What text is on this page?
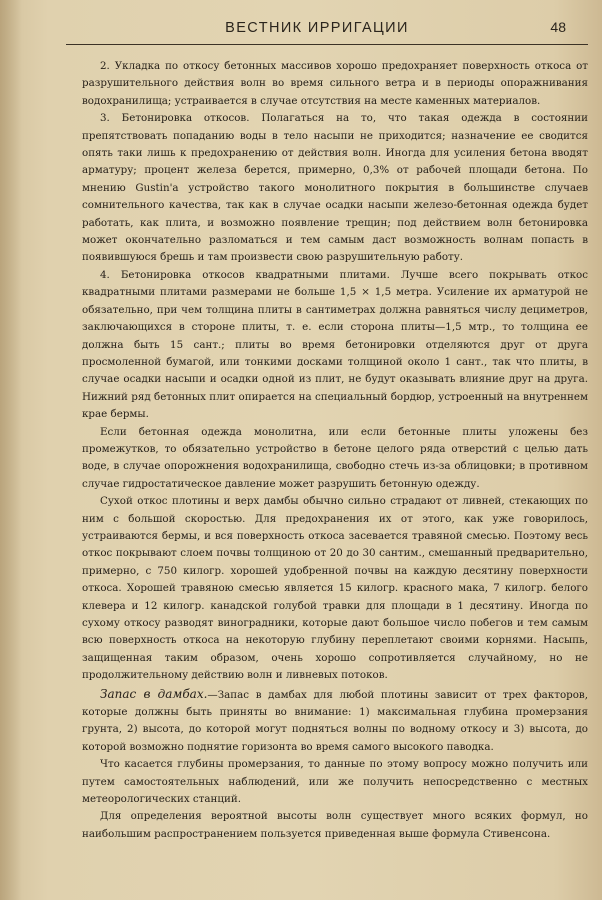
ВЕСТНИК ИРРИГАЦИИ	48

2. Укладка по откосу бетонных массивов хорошо предохраняет поверхность откоса от разрушительного действия волн во время сильного ветра и в периоды опоражнивания водохранилища; устраивается в случае отсутствия на месте каменных материалов.

3. Бетонировка откосов. Полагаться на то, что такая одежда в состоянии препятствовать попаданию воды в тело насыпи не приходится; назначение ее сводится опять таки лишь к предохранению от действия волн. Иногда для усиления бетона вводят арматуру; процент железа берется, примерно, 0,3% от рабочей площади бетона. По мнению Gustin'а устройство такого монолитного покрытия в большинстве случаев сомнительного качества, так как в случае осадки насыпи железо-бетонная одежда будет работать, как плита, и возможно появление трещин; под действием волн бетонировка может окончательно разломаться и тем самым даст возможность волнам попасть в появившуюся брешь и там произвести свою разрушительную работу.

4. Бетонировка откосов квадратными плитами. Лучше всего покрывать откос квадратными плитами размерами не больше 1,5 × 1,5 метра. Усиление их арматурой не обязательно, при чем толщина плиты в сантиметрах должна равняться числу дециметров, заключающихся в стороне плиты, т. е. если сторона плиты—1,5 мтр., то толщина ее должна быть 15 сант.; плиты во время бетонировки отделяются друг от друга просмоленной бумагой, или тонкими досками толщиной около 1 сант., так что плиты, в случае осадки насыпи и осадки одной из плит, не будут оказывать влияние друг на друга. Нижний ряд бетонных плит опирается на специальный бордюр, устроенный на внутреннем крае бермы.

Если бетонная одежда монолитна, или если бетонные плиты уложены без промежутков, то обязательно устройство в бетоне целого ряда отверстий с целью дать воде, в случае опорожнения водохранилища, свободно стечь из-за облицовки; в противном случае гидростатическое давление может разрушить бетонную одежду.

Сухой откос плотины и верх дамбы обычно сильно страдают от ливней, стекающих по ним с большой скоростью. Для предохранения их от этого, как уже говорилось, устраиваются бермы, и вся поверхность откоса засевается травяной смесью. Поэтому весь откос покрывают слоем почвы толщиною от 20 до 30 сантим., смешанный предварительно, примерно, с 750 килогр. хорошей удобренной почвы на каждую десятину поверхности откоса. Хорошей травяною смесью является 15 килогр. красного мака, 7 килогр. белого клевера и 12 килогр. канадской голубой травки для площади в 1 десятину. Иногда по сухому откосу разводят виноградники, которые дают большое число побегов и тем самым всю поверхность откоса на некоторую глубину переплетают своими корнями. Насыпь, защищенная таким образом, очень хорошо сопротивляется случайному, но не продолжительному действию волн и ливневых потоков.

Запас в дамбах.—Запас в дамбах для любой плотины зависит от трех факторов, которые должны быть приняты во внимание: 1) максимальная глубина промерзания грунта, 2) высота, до которой могут подняться волны по водному откосу и 3) высота, до которой возможно поднятие горизонта во время самого высокого паводка.

Что касается глубины промерзания, то данные по этому вопросу можно получить или путем самостоятельных наблюдений, или же получить непосредственно с местных метеорологических станций.

Для определения вероятной высоты волн существует много всяких формул, но наибольшим распространением пользуется приведенная выше формула Стивенсона.
